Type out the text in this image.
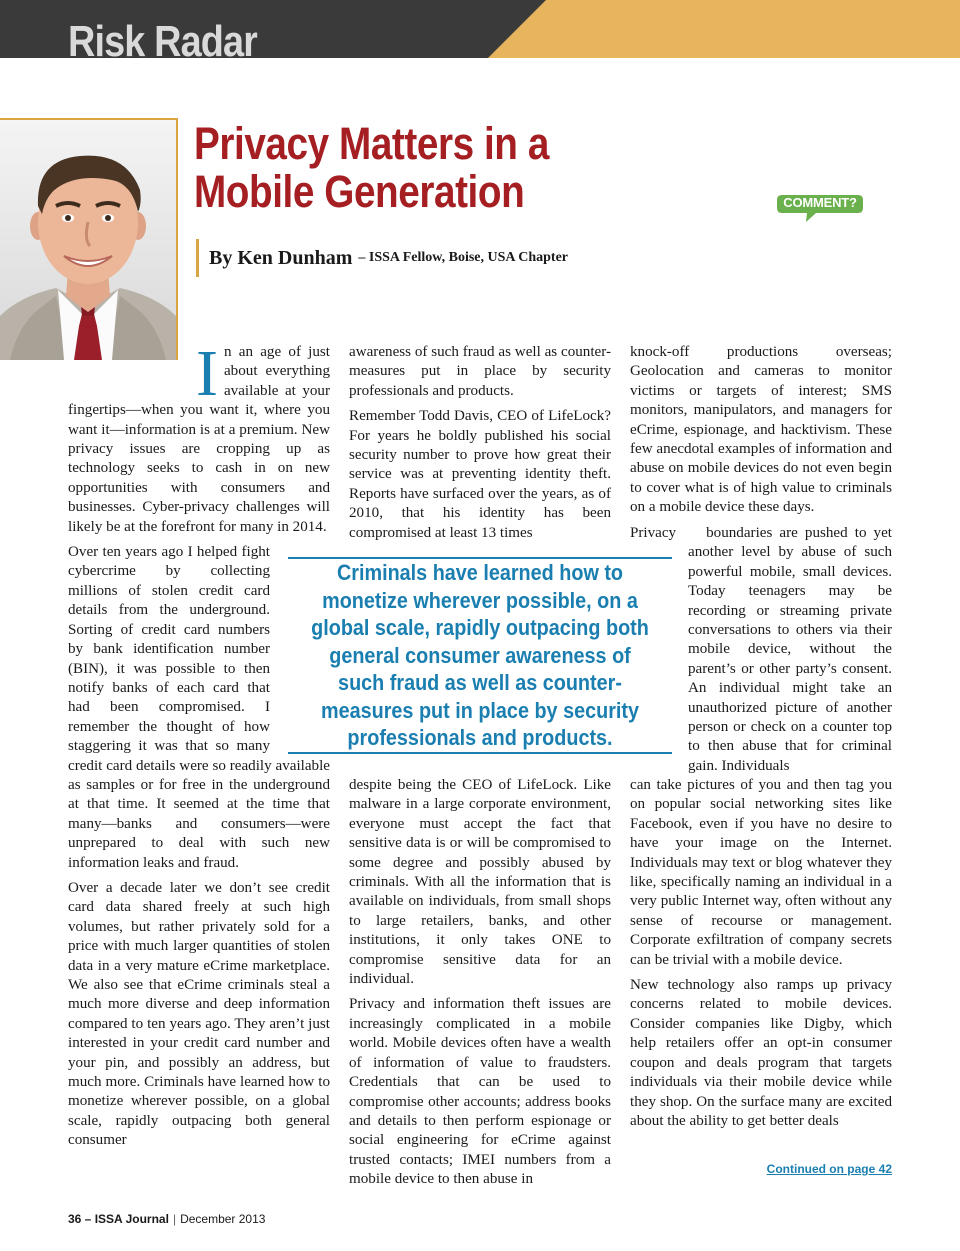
Risk Radar
Privacy Matters in a Mobile Generation	COMMENT?
By Ken Dunham – ISSA Fellow, Boise, USA Chapter

In an age of just about everything available at your fingertips—when you want it, where you want it—information is at a premium. New privacy issues are cropping up as technology seeks to cash in on new opportunities with consumers and businesses. Cyber-privacy challenges will likely be at the forefront for many in 2014.

Over ten years ago I helped fight cybercrime by collecting millions of stolen credit card details from the underground. Sorting of credit card numbers by bank identification number (BIN), it was possible to then notify banks of each card that had been compromised. I remember the thought of how staggering it was that so many credit card details were so readily available as samples or for free in the underground at that time. It seemed at the time that many—banks and consumers—were unprepared to deal with such new information leaks and fraud.

Over a decade later we don’t see credit card data shared freely at such high volumes, but rather privately sold for a price with much larger quantities of stolen data in a very mature eCrime marketplace. We also see that eCrime criminals steal a much more diverse and deep information compared to ten years ago. They aren’t just interested in your credit card number and your pin, and possibly an address, but much more. Criminals have learned how to monetize wherever possible, on a global scale, rapidly outpacing both general consumer

awareness of such fraud as well as counter-measures put in place by security professionals and products.

Remember Todd Davis, CEO of LifeLock? For years he boldly published his social security number to prove how great their service was at preventing identity theft. Reports have surfaced over the years, as of 2010, that his identity has been compromised at least 13 times

despite being the CEO of LifeLock. Like malware in a large corporate environment, everyone must accept the fact that sensitive data is or will be compromised to some degree and possibly abused by criminals. With all the information that is available on individuals, from small shops to large retailers, banks, and other institutions, it only takes ONE to compromise sensitive data for an individual.

Privacy and information theft issues are increasingly complicated in a mobile world. Mobile devices often have a wealth of information of value to fraudsters. Credentials that can be used to compromise other accounts; address books and details to then perform espionage or social engineering for eCrime against trusted contacts; IMEI numbers from a mobile device to then abuse in

knock-off productions overseas; Geolocation and cameras to monitor victims or targets of interest; SMS monitors, manipulators, and managers for eCrime, espionage, and hacktivism. These few anecdotal examples of information and abuse on mobile devices do not even begin to cover what is of high value to criminals on a mobile device these days.

Privacy	boundaries are pushed to yet another level by abuse of such powerful mobile, small devices. Today teenagers may be recording or streaming private conversations to others via their mobile device, without the parent’s or other party’s consent. An individual might take an unauthorized picture of another person or check on a counter top to then abuse that for criminal gain. Individuals

can take pictures of you and then tag you on popular social networking sites like Facebook, even if you have no desire to have your image on the Internet. Individuals may text or blog whatever they like, specifically naming an individual in a very public Internet way, often without any sense of recourse or management. Corporate exfiltration of company secrets can be trivial with a mobile device.

New technology also ramps up privacy concerns related to mobile devices. Consider companies like Digby, which help retailers offer an opt-in consumer coupon and deals program that targets individuals via their mobile device while they shop. On the surface many are excited about the ability to get better deals

Criminals have learned how to monetize wherever possible, on a global scale, rapidly outpacing both general consumer awareness of such fraud as well as counter-measures put in place by security professionals and products.

Continued on page 42
36 – ISSA Journal | December 2013
